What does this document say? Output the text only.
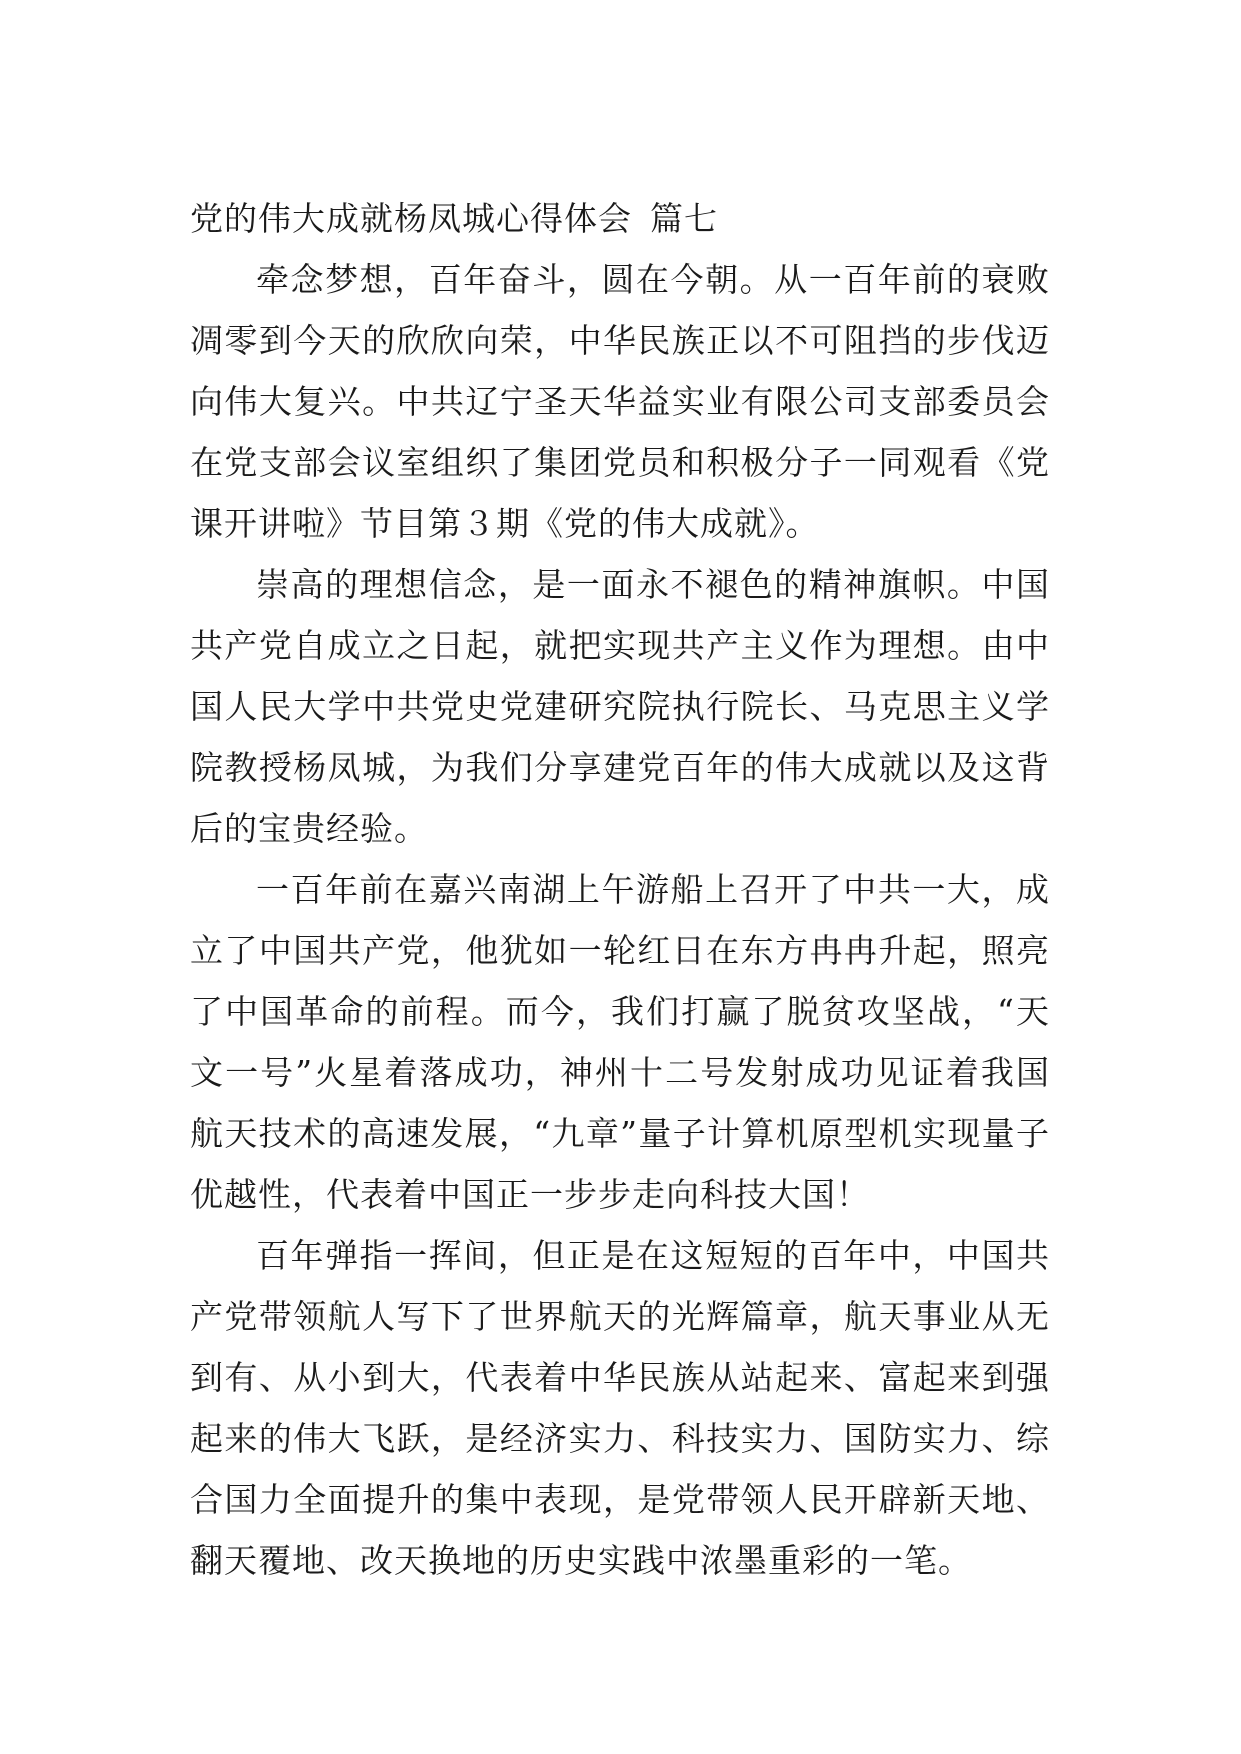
党的伟大成就杨凤城心得体会 篇七

牵念梦想，百年奋斗，圆在今朝。从一百年前的衰败凋零到今天的欣欣向荣，中华民族正以不可阻挡的步伐迈向伟大复兴。中共辽宁圣天华益实业有限公司支部委员会在党支部会议室组织了集团党员和积极分子一同观看《党课开讲啦》节目第３期《党的伟大成就》。

崇高的理想信念，是一面永不褪色的精神旗帜。中国共产党自成立之日起，就把实现共产主义作为理想。由中国人民大学中共党史党建研究院执行院长、马克思主义学院教授杨凤城，为我们分享建党百年的伟大成就以及这背后的宝贵经验。

一百年前在嘉兴南湖上午游船上召开了中共一大，成立了中国共产党，他犹如一轮红日在东方冉冉升起，照亮了中国革命的前程。而今，我们打赢了脱贫攻坚战，“天文一号”火星着落成功，神州十二号发射成功见证着我国航天技术的高速发展，“九章”量子计算机原型机实现量子优越性，代表着中国正一步步走向科技大国！

百年弹指一挥间，但正是在这短短的百年中，中国共产党带领航人写下了世界航天的光辉篇章，航天事业从无到有、从小到大，代表着中华民族从站起来、富起来到强起来的伟大飞跃，是经济实力、科技实力、国防实力、综合国力全面提升的集中表现，是党带领人民开辟新天地、翻天覆地、改天换地的历史实践中浓墨重彩的一笔。
